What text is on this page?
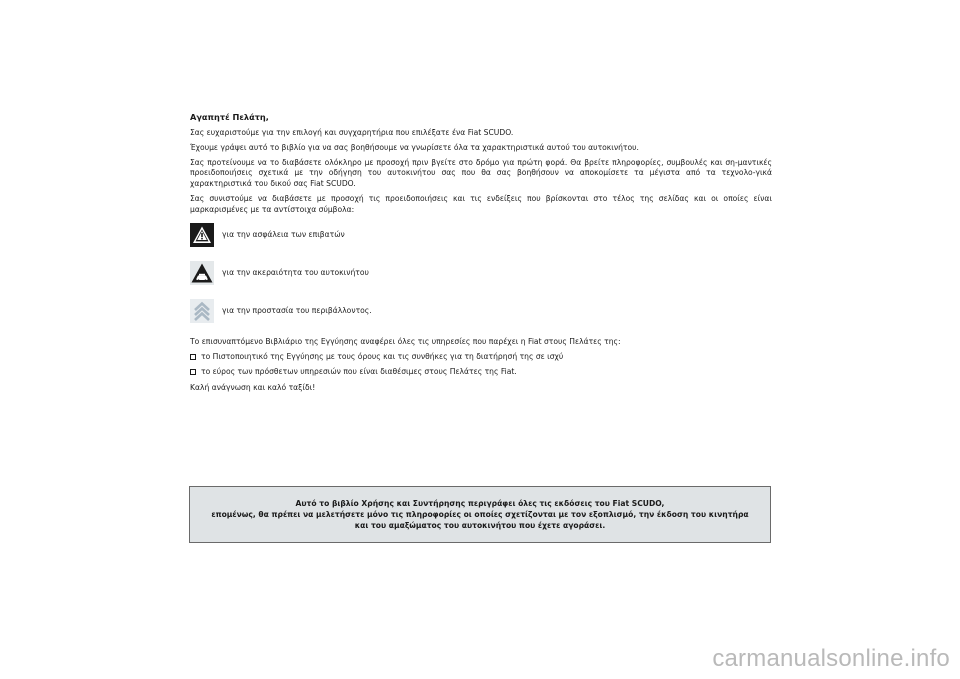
Αγαπητέ Πελάτη,

Σας ευχαριστούμε για την επιλογή και συγχαρητήρια που επιλέξατε ένα Fiat SCUDO.

Έχουμε γράψει αυτό το βιβλίο για να σας βοηθήσουμε να γνωρίσετε όλα τα χαρακτηριστικά αυτού του αυτοκινήτου.

Σας προτείνουμε να το διαβάσετε ολόκληρο με προσοχή πριν βγείτε στο δρόμο για πρώτη φορά. Θα βρείτε πληροφορίες, συμβουλές και ση-μαντικές προειδοποιήσεις σχετικά με την οδήγηση του αυτοκινήτου σας που θα σας βοηθήσουν να αποκομίσετε τα μέγιστα από τα τεχνολο-γικά χαρακτηριστικά του δικού σας Fiat SCUDO.

Σας συνιστούμε να διαβάσετε με προσοχή τις προειδοποιήσεις και τις ενδείξεις που βρίσκονται στο τέλος της σελίδας και οι οποίες είναι μαρκαρισμένες με τα αντίστοιχα σύμβολα:

για την ασφάλεια των επιβατών
για την ακεραιότητα του αυτοκινήτου
για την προστασία του περιβάλλοντος.

Το επισυναπτόμενο Βιβλιάριο της Εγγύησης αναφέρει όλες τις υπηρεσίες που παρέχει η Fiat στους Πελάτες της:

το Πιστοποιητικό της Εγγύησης με τους όρους και τις συνθήκες για τη διατήρησή της σε ισχύ
το εύρος των πρόσθετων υπηρεσιών που είναι διαθέσιμες στους Πελάτες της Fiat.

Καλή ανάγνωση και καλό ταξίδι!

Αυτό το βιβλίο Χρήσης και Συντήρησης περιγράφει όλες τις εκδόσεις του Fiat SCUDO,
επομένως, θα πρέπει να μελετήσετε μόνο τις πληροφορίες οι οποίες σχετίζονται με τον εξοπλισμό, την έκδοση του κινητήρα
και του αμαξώματος του αυτοκινήτου που έχετε αγοράσει.
carmanualsonline.info
